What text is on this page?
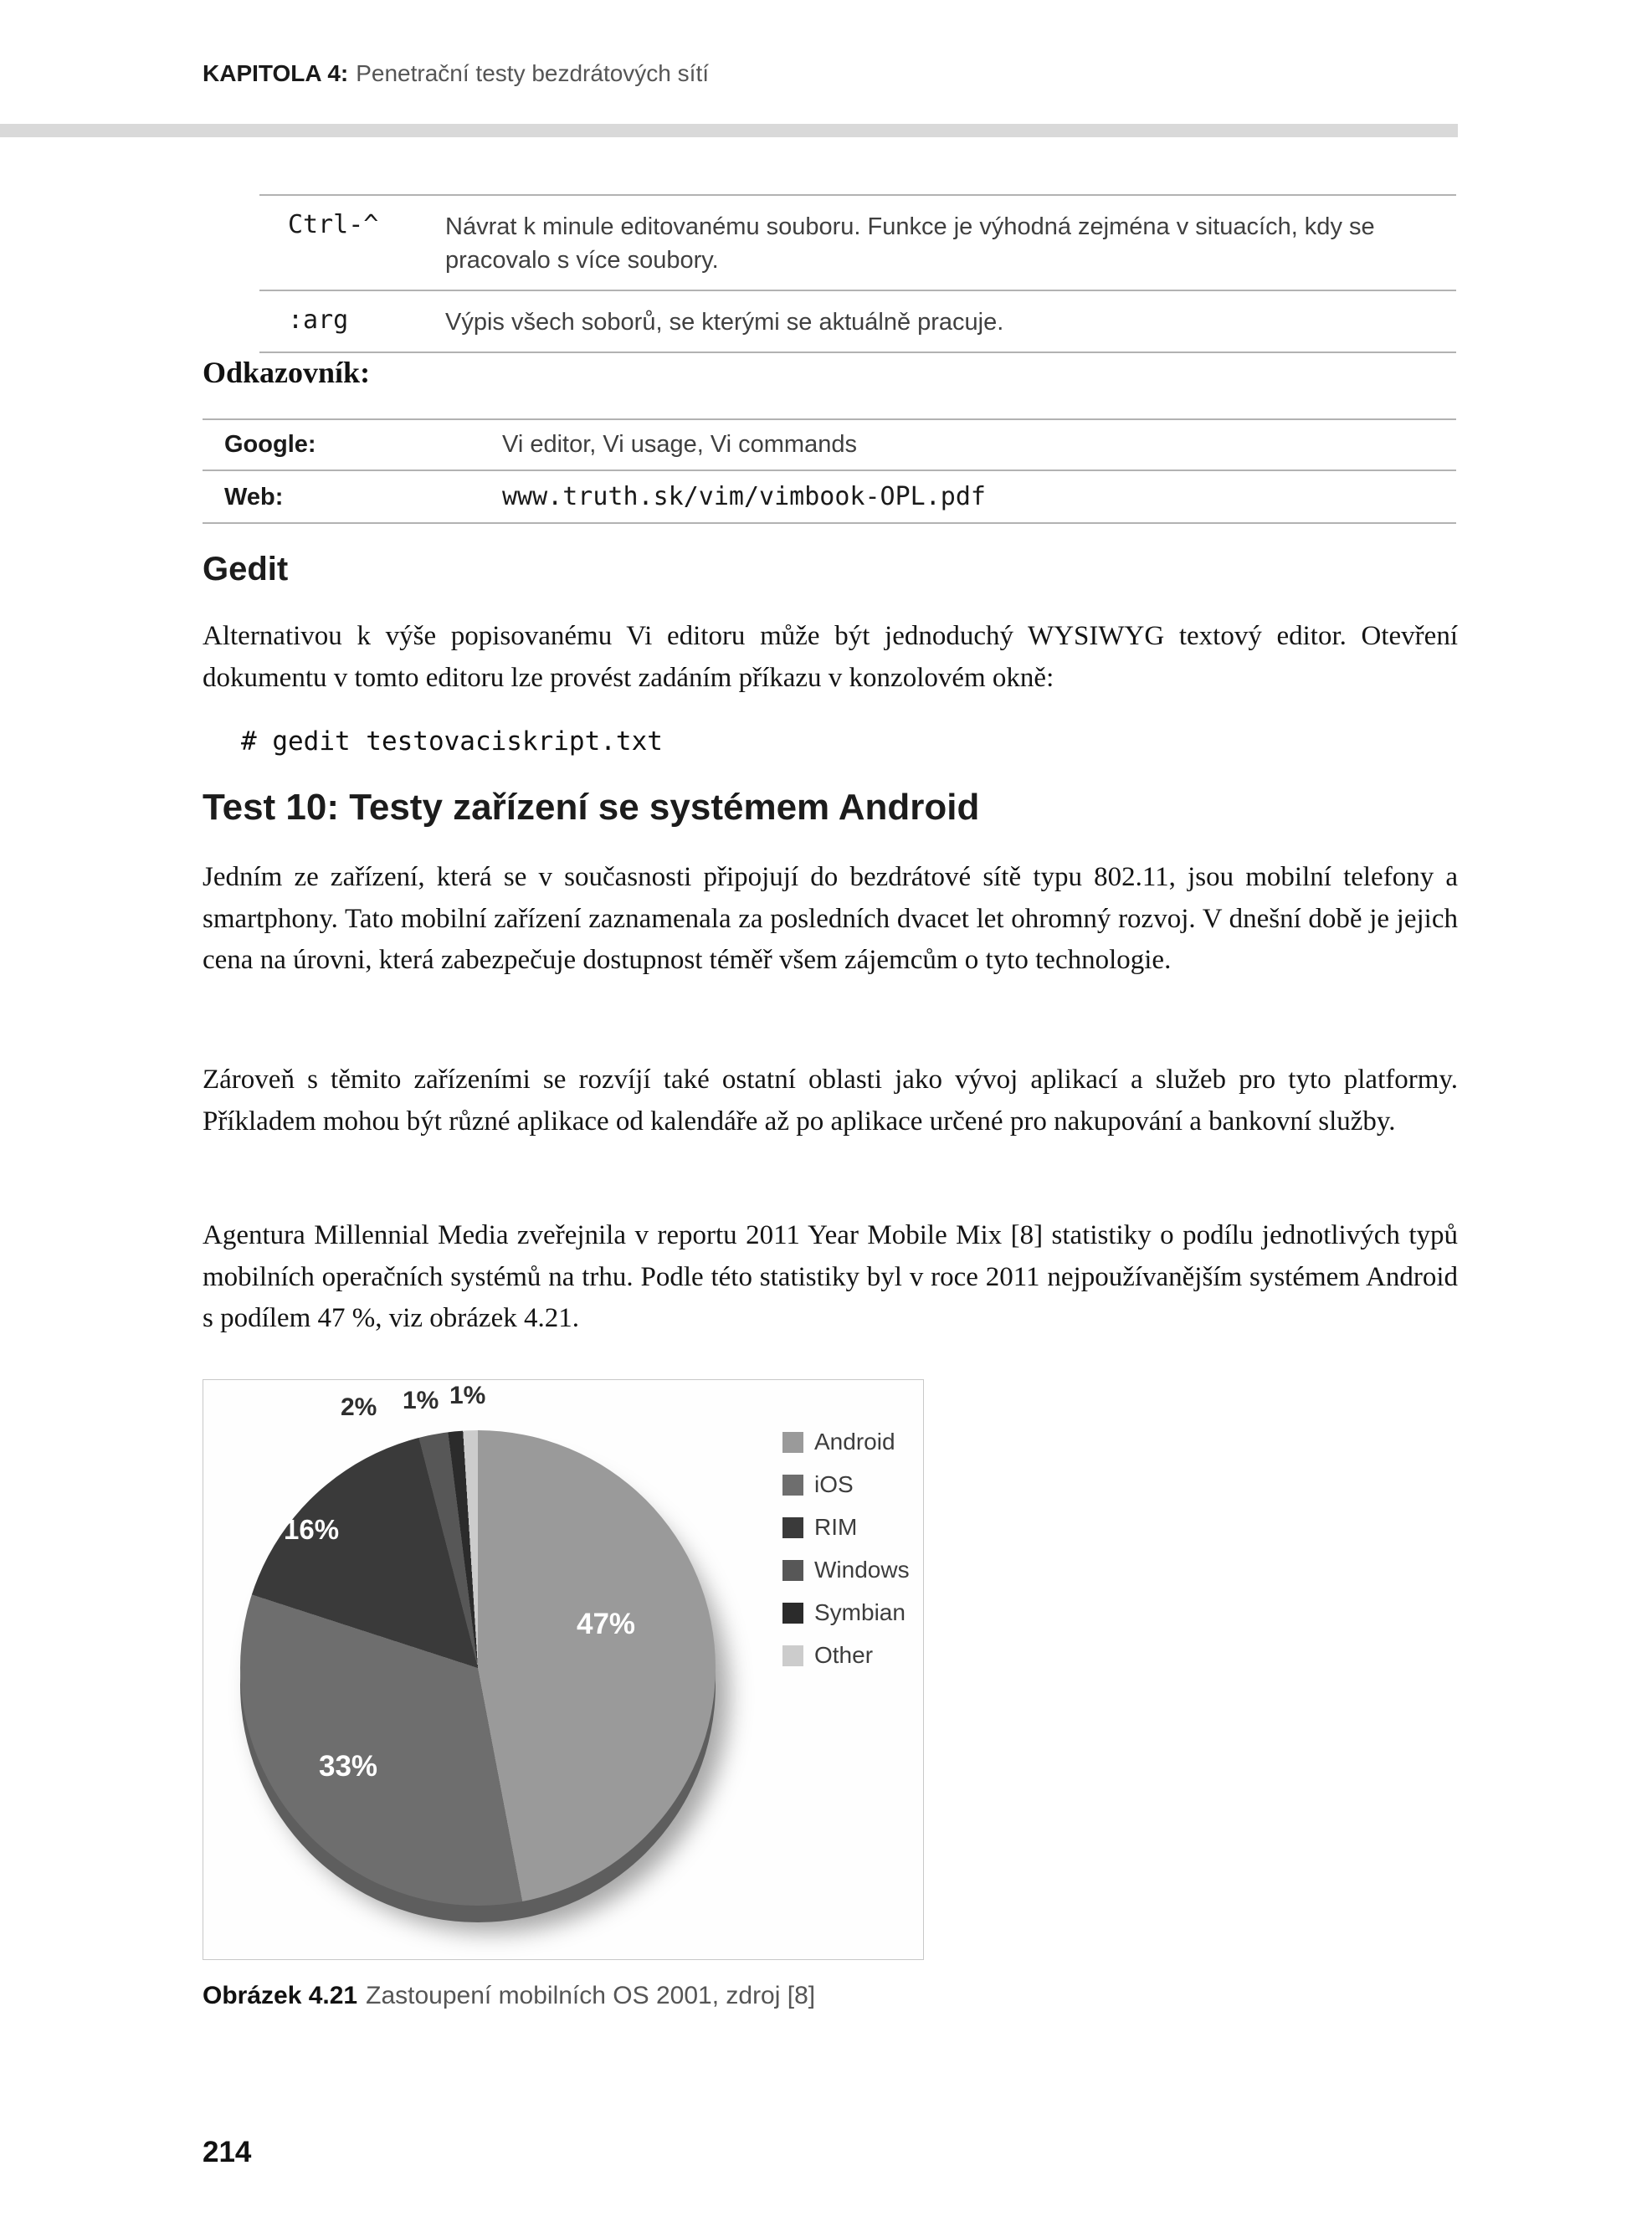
KAPITOLA 4: Penetrační testy bezdrátových sítí
Ctrl-^	Návrat k minule editovanému souboru. Funkce je výhodná zejména v situacích, kdy se pracovalo s více soubory.
:arg	Výpis všech soborů, se kterými se aktuálně pracuje.
Odkazovník:
Google:	Vi editor, Vi usage, Vi commands
Web:	www.truth.sk/vim/vimbook-OPL.pdf
Gedit

Alternativou k výše popisovanému Vi editoru může být jednoduchý WYSIWYG textový editor. Otevření dokumentu v tomto editoru lze provést zadáním příkazu v konzolovém okně:

# gedit testovaciskript.txt
Test 10: Testy zařízení se systémem Android

Jedním ze zařízení, která se v současnosti připojují do bezdrátové sítě typu 802.11, jsou mobilní telefony a smartphony. Tato mobilní zařízení zaznamenala za posledních dvacet let ohromný rozvoj. V dnešní době je jejich cena na úrovni, která zabezpečuje dostupnost téměř všem zájemcům o tyto technologie.

Zároveň s těmito zařízeními se rozvíjí také ostatní oblasti jako vývoj aplikací a služeb pro tyto platformy. Příkladem mohou být různé aplikace od kalendáře až po aplikace určené pro nakupování a bankovní služby.

Agentura Millennial Media zveřejnila v reportu 2011 Year Mobile Mix [8] statistiky o podílu jednotlivých typů mobilních operačních systémů na trhu. Podle této statistiky byl v roce 2011 nejpoužívanějším systémem Android s podílem 47 %, viz obrázek 4.21.

2% 1% 1%
16%
47%
33%
Android
iOS
RIM
Windows
Symbian
Other
Obrázek 4.21 Zastoupení mobilních OS 2001, zdroj [8]
214
